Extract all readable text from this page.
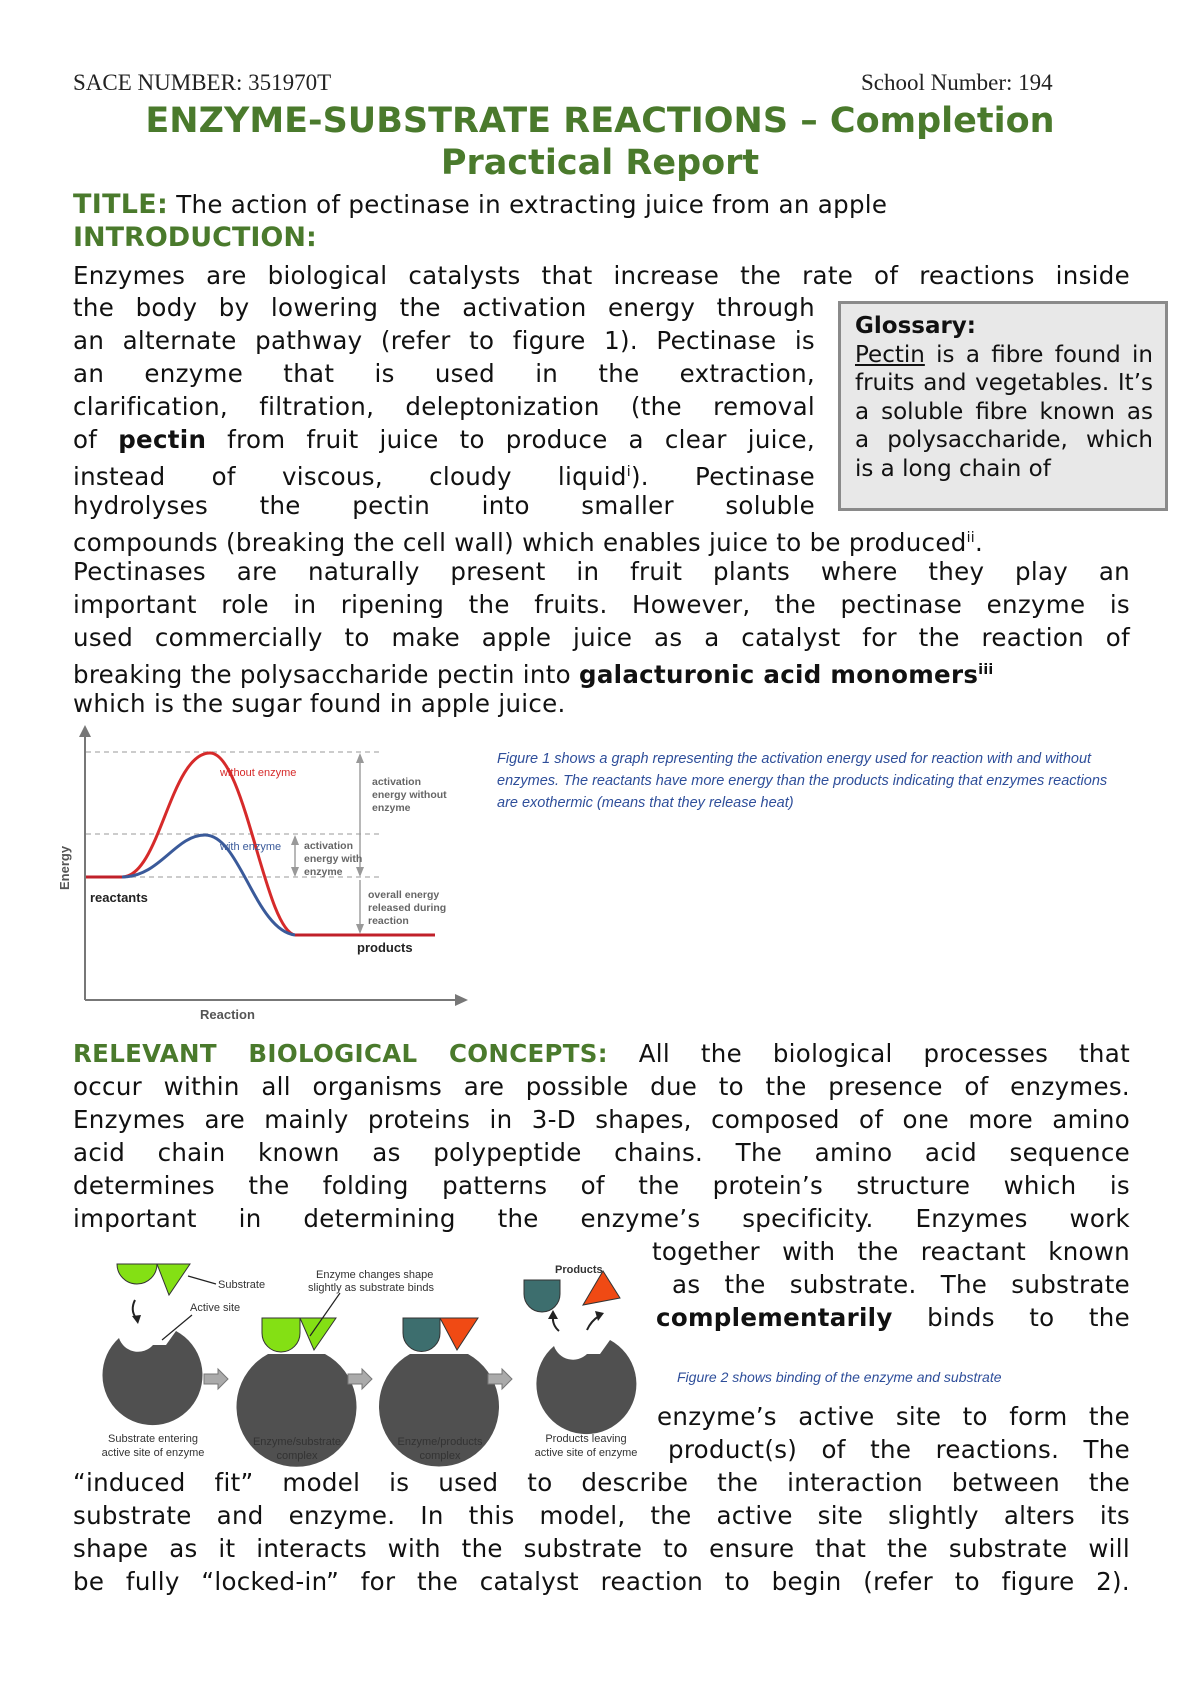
SACE NUMBER: 351970T	School Number: 194
ENZYME-SUBSTRATE REACTIONS – Completion
Practical Report
TITLE: The action of pectinase in extracting juice from an apple
INTRODUCTION:
Enzymes are biological catalysts that increase the rate of reactions inside
the body by lowering the activation energy through
an alternate pathway (refer to figure 1). Pectinase is
an enzyme that is used in the extraction,
clarification, filtration, deleptonization (the removal
of pectin from fruit juice to produce a clear juice,
instead of viscous, cloudy liquid$^i$). Pectinase
hydrolyses the pectin into smaller soluble
compounds (breaking the cell wall) which enables juice to be produced$^{ii}$.
Pectinases are naturally present in fruit plants where they play an
important role in ripening the fruits. However, the pectinase enzyme is
used commercially to make apple juice as a catalyst for the reaction of
breaking the polysaccharide pectin into galacturonic acid monomers$^{iii}$
which is the sugar found in apple juice.
Glossary:
Pectin is a fibre found in fruits and vegetables. It’s a soluble fibre known as a polysaccharide, which is a long chain of
without enzyme
with enzyme
reactants
products
Reaction
Energy
activation
energy without
enzyme
activation
energy with
enzyme
overall energy
released during
reaction
Figure 1 shows a graph representing the activation energy used for reaction with and without enzymes. The reactants have more energy than the products indicating that enzymes reactions are exothermic (means that they release heat)
RELEVANT BIOLOGICAL CONCEPTS: All the biological processes that
occur within all organisms are possible due to the presence of enzymes.
Enzymes are mainly proteins in 3-D shapes, composed of one more amino
acid chain known as polypeptide chains. The amino acid sequence
determines the folding patterns of the protein’s structure which is
important in determining the enzyme’s specificity. Enzymes work
together with the reactant known
as the substrate. The substrate
complementarily binds to the
enzyme’s active site to form the
product(s) of the reactions. The
“induced fit” model is used to describe the interaction between the
substrate and enzyme. In this model, the active site slightly alters its
shape as it interacts with the substrate to ensure that the substrate will
be fully “locked-in” for the catalyst reaction to begin (refer to figure 2).
Figure 2 shows binding of the enzyme and substrate
Substrate
Active site
Enzyme changes shape
slightly as substrate binds
Products
Substrate entering
active site of enzyme
Enzyme/substrate
complex
Enzyme/products
complex
Products leaving
active site of enzyme
